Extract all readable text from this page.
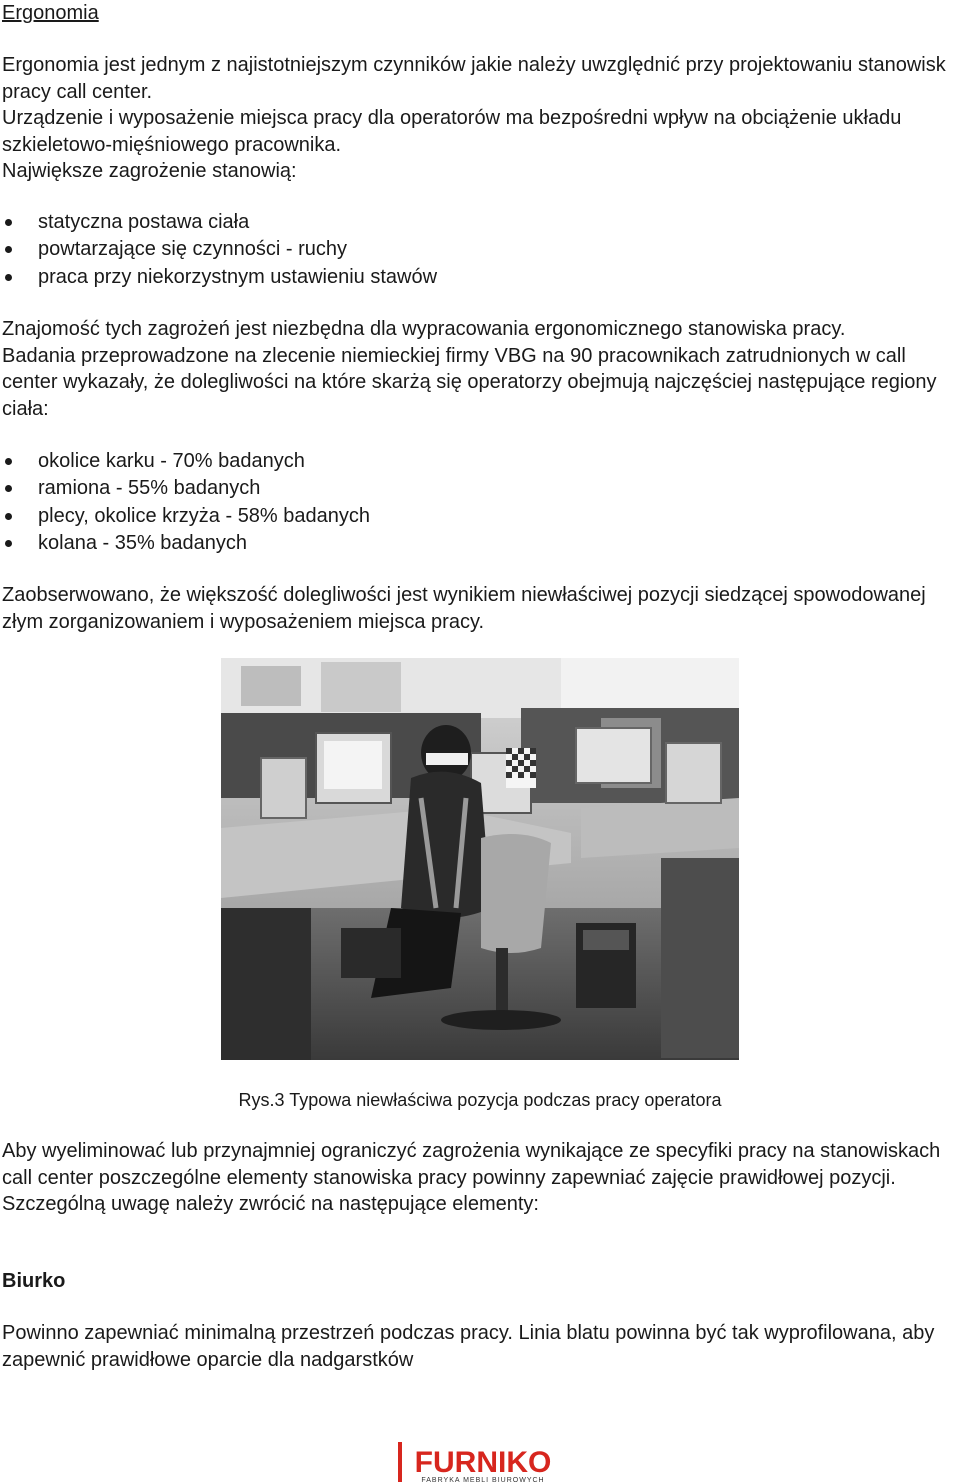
Ergonomia

Ergonomia jest jednym z najistotniejszym czynników jakie należy uwzględnić przy projektowaniu stanowisk pracy call center.
Urządzenie i wyposażenie miejsca pracy dla operatorów ma bezpośredni wpływ na obciążenie układu szkieletowo-mięśniowego pracownika.
Największe zagrożenie stanowią:

statyczna postawa ciała
powtarzające się czynności - ruchy
praca przy niekorzystnym ustawieniu stawów

Znajomość tych zagrożeń jest niezbędna dla wypracowania ergonomicznego stanowiska pracy.
Badania przeprowadzone na zlecenie niemieckiej firmy VBG na 90 pracownikach zatrudnionych w call center wykazały, że dolegliwości na które skarżą się operatorzy obejmują najczęściej następujące regiony ciała:

okolice karku - 70% badanych
ramiona - 55% badanych
plecy, okolice krzyża - 58% badanych
kolana - 35% badanych

Zaobserwowano, że większość dolegliwości jest wynikiem niewłaściwej pozycji siedzącej spowodowanej złym zorganizowaniem i wyposażeniem miejsca pracy.

Rys.3 Typowa niewłaściwa pozycja podczas pracy operatora

Aby wyeliminować lub przynajmniej ograniczyć zagrożenia wynikające ze specyfiki pracy na stanowiskach call center poszczególne elementy stanowiska pracy powinny zapewniać zajęcie prawidłowej pozycji.
Szczególną uwagę należy zwrócić na następujące elementy:

Biurko

Powinno zapewniać minimalną przestrzeń podczas pracy. Linia blatu powinna być tak wyprofilowana, aby zapewnić prawidłowe oparcie dla nadgarstków

FURNIKO
FABRYKA MEBLI BIUROWYCH
